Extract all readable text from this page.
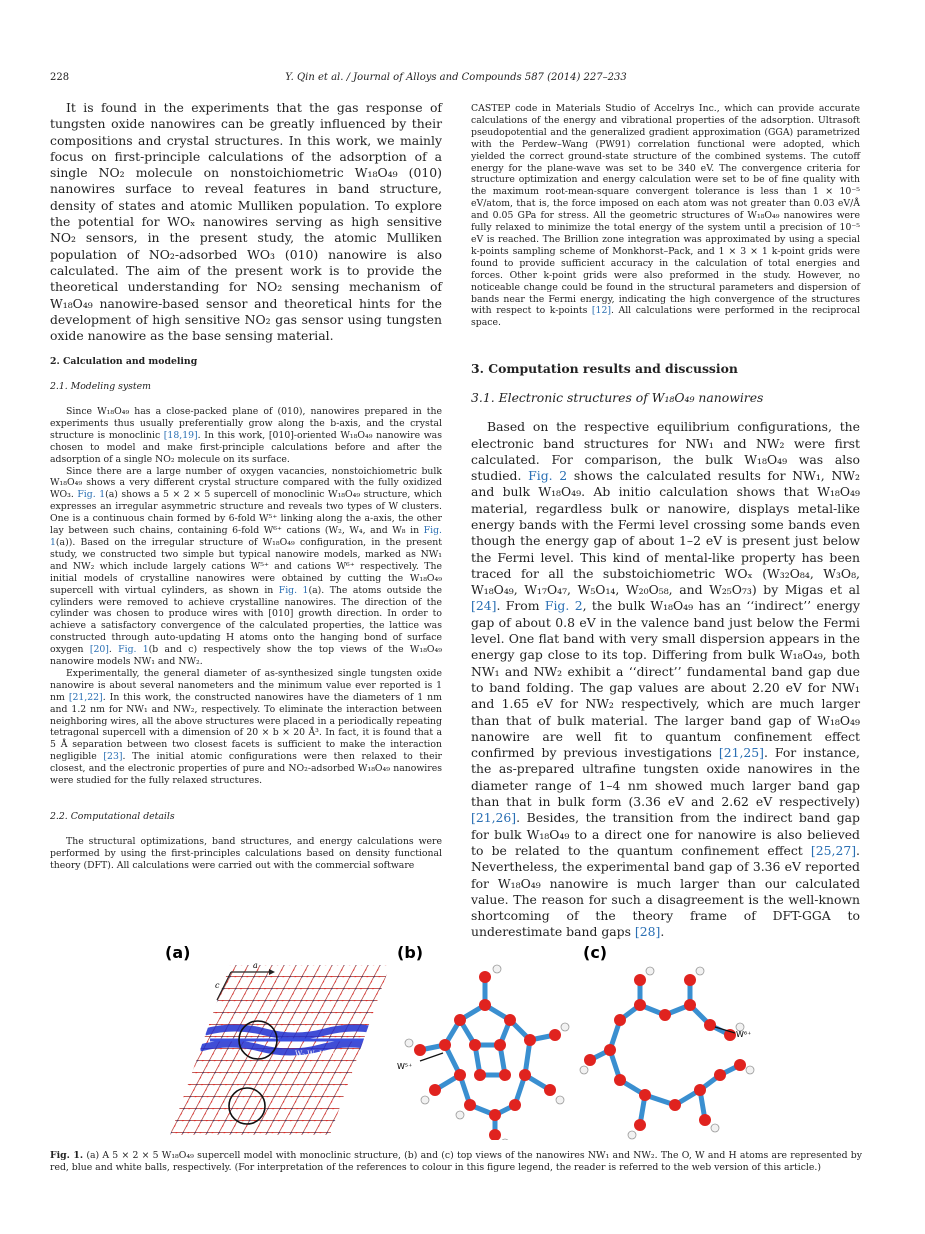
228	Y. Qin et al. / Journal of Alloys and Compounds 587 (2014) 227–233

It is found in the experiments that the gas response of tungsten oxide nanowires can be greatly influenced by their compositions and crystal structures. In this work, we mainly focus on first-principle calculations of the adsorption of a single NO₂ molecule on nonstoichiometric W₁₈O₄₉ (010) nanowires surface to reveal features in band structure, density of states and atomic Mulliken population. To explore the potential for WOₓ nanowires serving as high sensitive NO₂ sensors, in the present study, the atomic Mulliken population of NO₂-adsorbed WO₃ (010) nanowire is also calculated. The aim of the present work is to provide the theoretical understanding for NO₂ sensing mechanism of W₁₈O₄₉ nanowire-based sensor and theoretical hints for the development of high sensitive NO₂ gas sensor using tungsten oxide nanowire as the base sensing material.

2. Calculation and modeling
2.1. Modeling system

Since W₁₈O₄₉ has a close-packed plane of (010), nanowires prepared in the experiments thus usually preferentially grow along the b-axis, and the crystal structure is monoclinic [18,19]. In this work, [010]-oriented W₁₈O₄₉ nanowire was chosen to model and make first-principle calculations before and after the adsorption of a single NO₂ molecule on its surface.

Since there are a large number of oxygen vacancies, nonstoichiometric bulk W₁₈O₄₉ shows a very different crystal structure compared with the fully oxidized WO₃. Fig. 1(a) shows a 5 × 2 × 5 supercell of monoclinic W₁₈O₄₉ structure, which expresses an irregular asymmetric structure and reveals two types of W clusters. One is a continuous chain formed by 6-fold W⁵⁺ linking along the a-axis, the other lay between such chains, containing 6-fold W⁶⁺ cations (W₂, W₄, and W₈ in Fig. 1(a)). Based on the irregular structure of W₁₈O₄₉ configuration, in the present study, we constructed two simple but typical nanowire models, marked as NW₁ and NW₂ which include largely cations W⁵⁺ and cations W⁶⁺ respectively. The initial models of crystalline nanowires were obtained by cutting the W₁₈O₄₉ supercell with virtual cylinders, as shown in Fig. 1(a). The atoms outside the cylinders were removed to achieve crystalline nanowires. The direction of the cylinder was chosen to produce wires with [010] growth direction. In order to achieve a satisfactory convergence of the calculated properties, the lattice was constructed through auto-updating H atoms onto the hanging bond of surface oxygen [20]. Fig. 1(b and c) respectively show the top views of the W₁₈O₄₉ nanowire models NW₁ and NW₂.

Experimentally, the general diameter of as-synthesized single tungsten oxide nanowire is about several nanometers and the minimum value ever reported is 1 nm [21,22]. In this work, the constructed nanowires have the diameters of 1 nm and 1.2 nm for NW₁ and NW₂, respectively. To eliminate the interaction between neighboring wires, all the above structures were placed in a periodically repeating tetragonal supercell with a dimension of 20 × b × 20 Å³. In fact, it is found that a 5 Å separation between two closest facets is sufficient to make the interaction negligible [23]. The initial atomic configurations were then relaxed to their closest, and the electronic properties of pure and NO₂-adsorbed W₁₈O₄₉ nanowires were studied for the fully relaxed structures.

2.2. Computational details

The structural optimizations, band structures, and energy calculations were performed by using the first-principles calculations based on density functional theory (DFT). All calculations were carried out with the commercial software

CASTEP code in Materials Studio of Accelrys Inc., which can provide accurate calculations of the energy and vibrational properties of the adsorption. Ultrasoft pseudopotential and the generalized gradient approximation (GGA) parametrized with the Perdew–Wang (PW91) correlation functional were adopted, which yielded the correct ground-state structure of the combined systems. The cutoff energy for the plane-wave was set to be 340 eV. The convergence criteria for structure optimization and energy calculation were set to be of fine quality with the maximum root-mean-square convergent tolerance is less than 1 × 10⁻⁵ eV/atom, that is, the force imposed on each atom was not greater than 0.03 eV/Å and 0.05 GPa for stress. All the geometric structures of W₁₈O₄₉ nanowires were fully relaxed to minimize the total energy of the system until a precision of 10⁻⁵ eV is reached. The Brillion zone integration was approximated by using a special k-points sampling scheme of Monkhorst–Pack, and 1 × 3 × 1 k-point grids were found to provide sufficient accuracy in the calculation of total energies and forces. Other k-point grids were also preformed in the study. However, no noticeable change could be found in the structural parameters and dispersion of bands near the Fermi energy, indicating the high convergence of the structures with respect to k-points [12]. All calculations were performed in the reciprocal space.

3. Computation results and discussion
3.1. Electronic structures of W₁₈O₄₉ nanowires

Based on the respective equilibrium configurations, the electronic band structures for NW₁ and NW₂ were first calculated. For comparison, the bulk W₁₈O₄₉ was also studied. Fig. 2 shows the calculated results for NW₁, NW₂ and bulk W₁₈O₄₉. Ab initio calculation shows that W₁₈O₄₉ material, regardless bulk or nanowire, displays metal-like energy bands with the Fermi level crossing some bands even though the energy gap of about 1–2 eV is present just below the Fermi level. This kind of mental-like property has been traced for all the substoichiometric WOₓ (W₃₂O₈₄, W₃O₈, W₁₈O₄₉, W₁₇O₄₇, W₅O₁₄, W₂₀O₅₈, and W₂₅O₇₃) by Migas et al [24]. From Fig. 2, the bulk W₁₈O₄₉ has an ‘‘indirect’’ energy gap of about 0.8 eV in the valence band just below the Fermi level. One flat band with very small dispersion appears in the energy gap close to its top. Differing from bulk W₁₈O₄₉, both NW₁ and NW₂ exhibit a ‘‘direct’’ fundamental band gap due to band folding. The gap values are about 2.20 eV for NW₁ and 1.65 eV for NW₂ respectively, which are much larger than that of bulk material. The larger band gap of W₁₈O₄₉ nanowire are well fit to quantum confinement effect confirmed by previous investigations [21,25]. For instance, the as-prepared ultrafine tungsten oxide nanowires in the diameter range of 1–4 nm showed much larger band gap than that in bulk form (3.36 eV and 2.62 eV respectively) [21,26]. Besides, the transition from the indirect band gap for bulk W₁₈O₄₉ to a direct one for nanowire is also believed to be related to the quantum confinement effect [25,27]. Nevertheless, the experimental band gap of 3.36 eV reported for W₁₈O₄₉ nanowire is much larger than our calculated value. The reason for such a disagreement is the well-known shortcoming of the theory frame of DFT-GGA to underestimate band gaps [28].

(a)	(b)	(c)
a
c
W₂ W₄ W₈ W₄
W⁵⁺
W⁶⁺
Fig. 1. (a) A 5 × 2 × 5 W₁₈O₄₉ supercell model with monoclinic structure, (b) and (c) top views of the nanowires NW₁ and NW₂. The O, W and H atoms are represented by red, blue and white balls, respectively. (For interpretation of the references to colour in this figure legend, the reader is referred to the web version of this article.)
